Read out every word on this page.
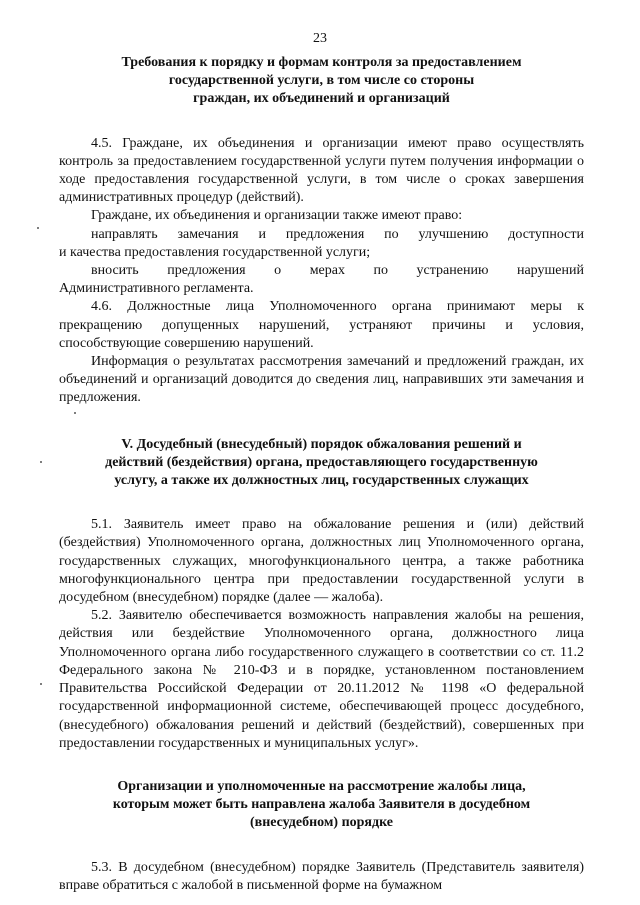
23
Требования к порядку и формам контроля за предоставлением
государственной услуги, в том числе со стороны
граждан, их объединений и организаций

4.5. Граждане, их объединения и организации имеют право осуществлять контроль за предоставлением государственной услуги путем получения информации о ходе предоставления государственной услуги, в том числе о сроках завершения административных процедур (действий).

Граждане, их объединения и организации также имеют право:

направлять замечания и предложения по улучшению доступности

и качества предоставления государственной услуги;

вносить предложения о мерах по устранению нарушений

Административного регламента.

4.6. Должностные лица Уполномоченного органа принимают меры к прекращению допущенных нарушений, устраняют причины и условия, способствующие совершению нарушений.

Информация о результатах рассмотрения замечаний и предложений граждан, их объединений и организаций доводится до сведения лиц, направивших эти замечания и предложения.

V. Досудебный (внесудебный) порядок обжалования решений и
действий (бездействия) органа, предоставляющего государственную
услугу, а также их должностных лиц, государственных служащих

5.1. Заявитель имеет право на обжалование решения и (или) действий (бездействия) Уполномоченного органа, должностных лиц Уполномоченного органа, государственных служащих, многофункционального центра, а также работника многофункционального центра при предоставлении государственной услуги в досудебном (внесудебном) порядке (далее — жалоба).

5.2. Заявителю обеспечивается возможность направления жалобы на решения, действия или бездействие Уполномоченного органа, должностного лица Уполномоченного органа либо государственного служащего в соответствии со ст. 11.2 Федерального закона № 210-ФЗ и в порядке, установленном постановлением Правительства Российской Федерации от 20.11.2012 № 1198 «О федеральной государственной информационной системе, обеспечивающей процесс досудебного, (внесудебного) обжалования решений и действий (бездействий), совершенных при предоставлении государственных и муниципальных услуг».

Организации и уполномоченные на рассмотрение жалобы лица,
которым может быть направлена жалоба Заявителя в досудебном
(внесудебном) порядке

5.3. В досудебном (внесудебном) порядке Заявитель (Представитель заявителя) вправе обратиться с жалобой в письменной форме на бумажном
